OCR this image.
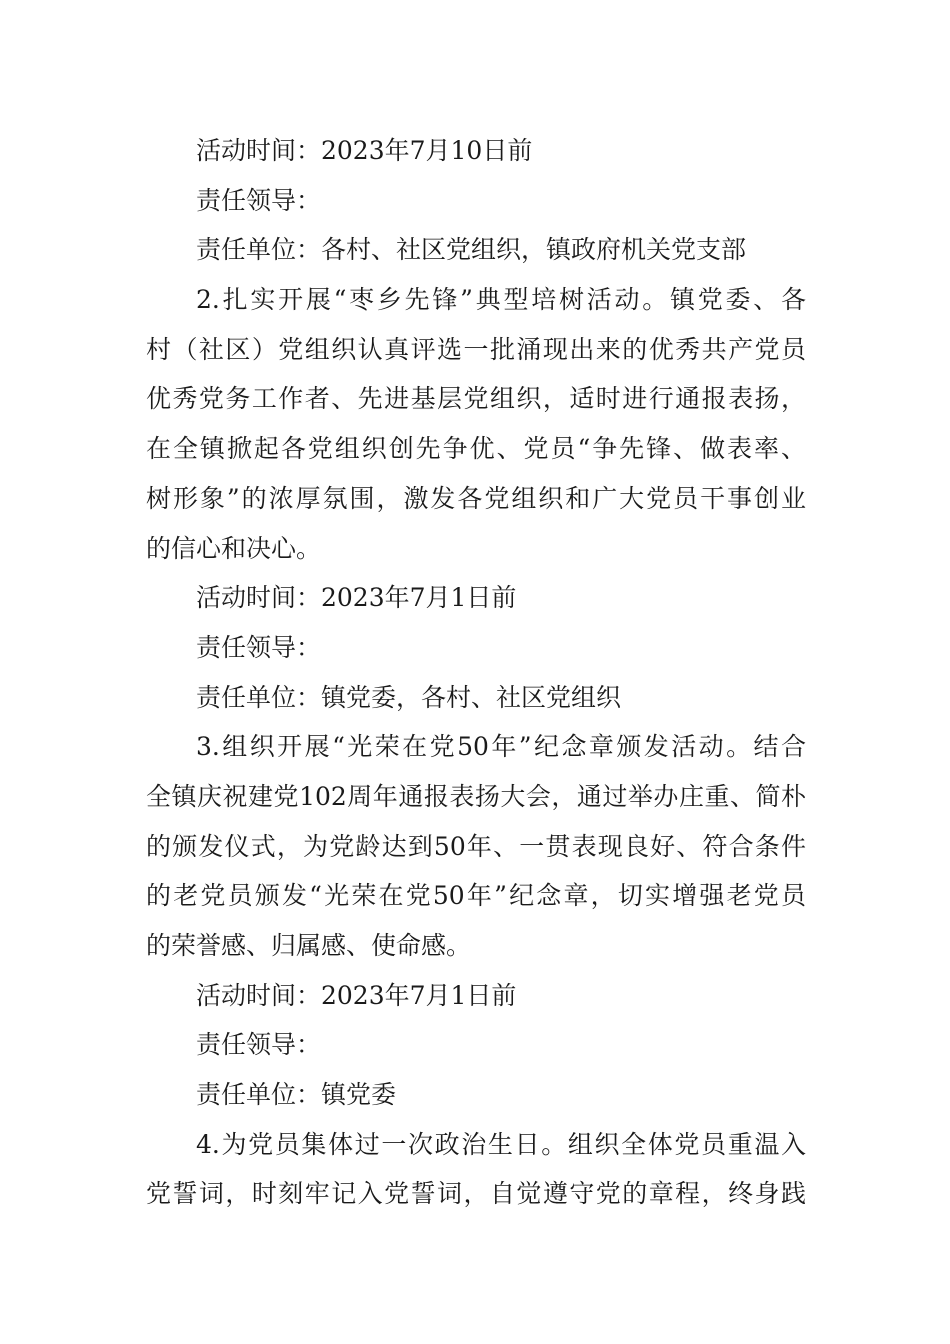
活动时间：2023年7月10日前
责任领导：
责任单位：各村、社区党组织，镇政府机关党支部
2.扎实开展“枣乡先锋”典型培树活动。镇党委、各
村（社区）党组织认真评选一批涌现出来的优秀共产党员
优秀党务工作者、先进基层党组织，适时进行通报表扬，
在全镇掀起各党组织创先争优、党员“争先锋、做表率、
树形象”的浓厚氛围，激发各党组织和广大党员干事创业
的信心和决心。
活动时间：2023年7月1日前
责任领导：
责任单位：镇党委，各村、社区党组织
3.组织开展“光荣在党50年”纪念章颁发活动。结合
全镇庆祝建党102周年通报表扬大会，通过举办庄重、简朴
的颁发仪式，为党龄达到50年、一贯表现良好、符合条件
的老党员颁发“光荣在党50年”纪念章，切实增强老党员
的荣誉感、归属感、使命感。
活动时间：2023年7月1日前
责任领导：
责任单位：镇党委
4.为党员集体过一次政治生日。组织全体党员重温入
党誓词，时刻牢记入党誓词，自觉遵守党的章程，终身践
